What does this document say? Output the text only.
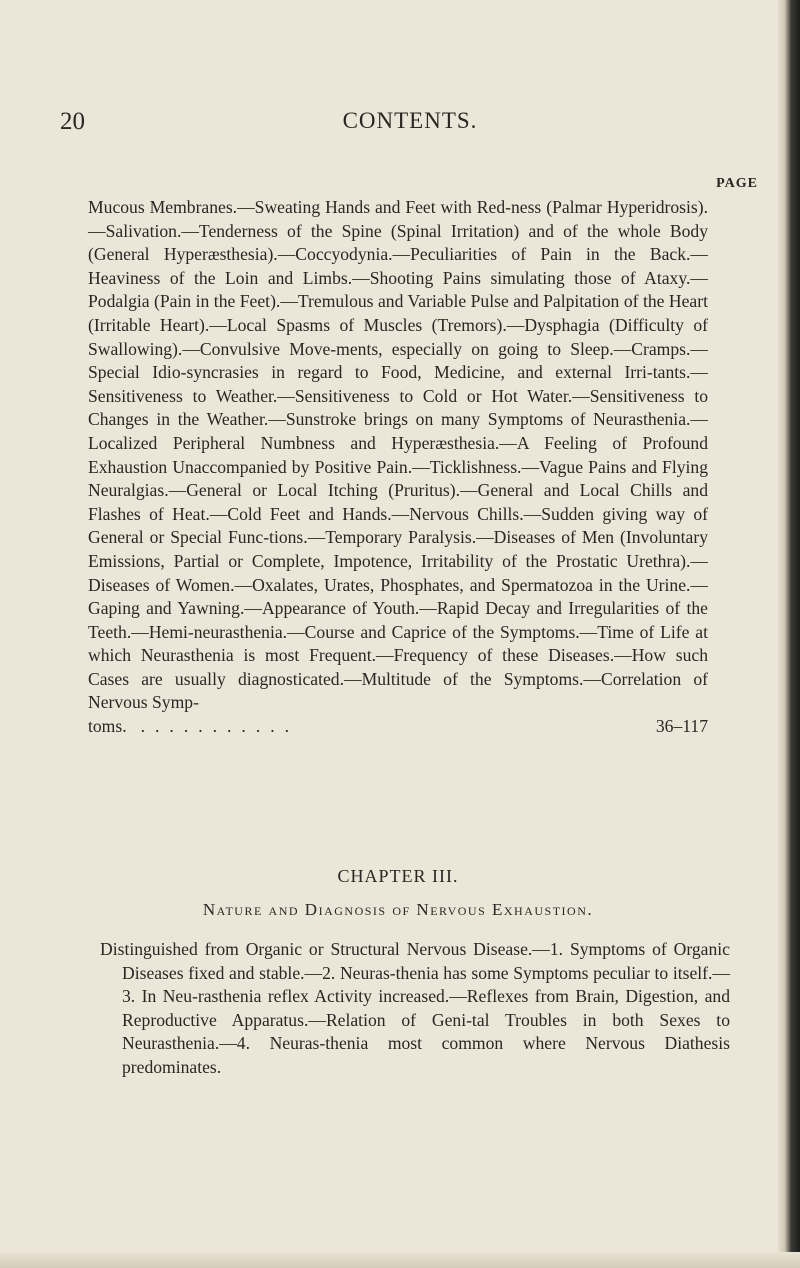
20	CONTENTS.
PAGE
Mucous Membranes.—Sweating Hands and Feet with Red-ness (Palmar Hyperidrosis).—Salivation.—Tenderness of the Spine (Spinal Irritation) and of the whole Body (General Hyperæsthesia).—Coccyodynia.—Peculiarities of Pain in the Back.—Heaviness of the Loin and Limbs.—Shooting Pains simulating those of Ataxy.—Podalgia (Pain in the Feet).—Tremulous and Variable Pulse and Palpitation of the Heart (Irritable Heart).—Local Spasms of Muscles (Tremors).—Dysphagia (Difficulty of Swallowing).—Convulsive Move-ments, especially on going to Sleep.—Cramps.—Special Idio-syncrasies in regard to Food, Medicine, and external Irri-tants.—Sensitiveness to Weather.—Sensitiveness to Cold or Hot Water.—Sensitiveness to Changes in the Weather.—Sunstroke brings on many Symptoms of Neurasthenia.—Localized Peripheral Numbness and Hyperæsthesia.—A Feeling of Profound Exhaustion Unaccompanied by Positive Pain.—Ticklishness.—Vague Pains and Flying Neuralgias.—General or Local Itching (Pruritus).—General and Local Chills and Flashes of Heat.—Cold Feet and Hands.—Nervous Chills.—Sudden giving way of General or Special Func-tions.—Temporary Paralysis.—Diseases of Men (Involuntary Emissions, Partial or Complete, Impotence, Irritability of the Prostatic Urethra).—Diseases of Women.—Oxalates, Urates, Phosphates, and Spermatozoa in the Urine.—Gaping and Yawning.—Appearance of Youth.—Rapid Decay and Irregularities of the Teeth.—Hemi-neurasthenia.—Course and Caprice of the Symptoms.—Time of Life at which Neurasthenia is most Frequent.—Frequency of these Diseases.—How such Cases are usually diagnosticated.—Multitude of the Symptoms.—Correlation of Nervous Symp-
toms. ...........	36–117
CHAPTER III.
Nature and Diagnosis of Nervous Exhaustion.
Distinguished from Organic or Structural Nervous Disease.—1. Symptoms of Organic Diseases fixed and stable.—2. Neuras-thenia has some Symptoms peculiar to itself.—3. In Neu-rasthenia reflex Activity increased.—Reflexes from Brain, Digestion, and Reproductive Apparatus.—Relation of Geni-tal Troubles in both Sexes to Neurasthenia.—4. Neuras-thenia most common where Nervous Diathesis predominates.
